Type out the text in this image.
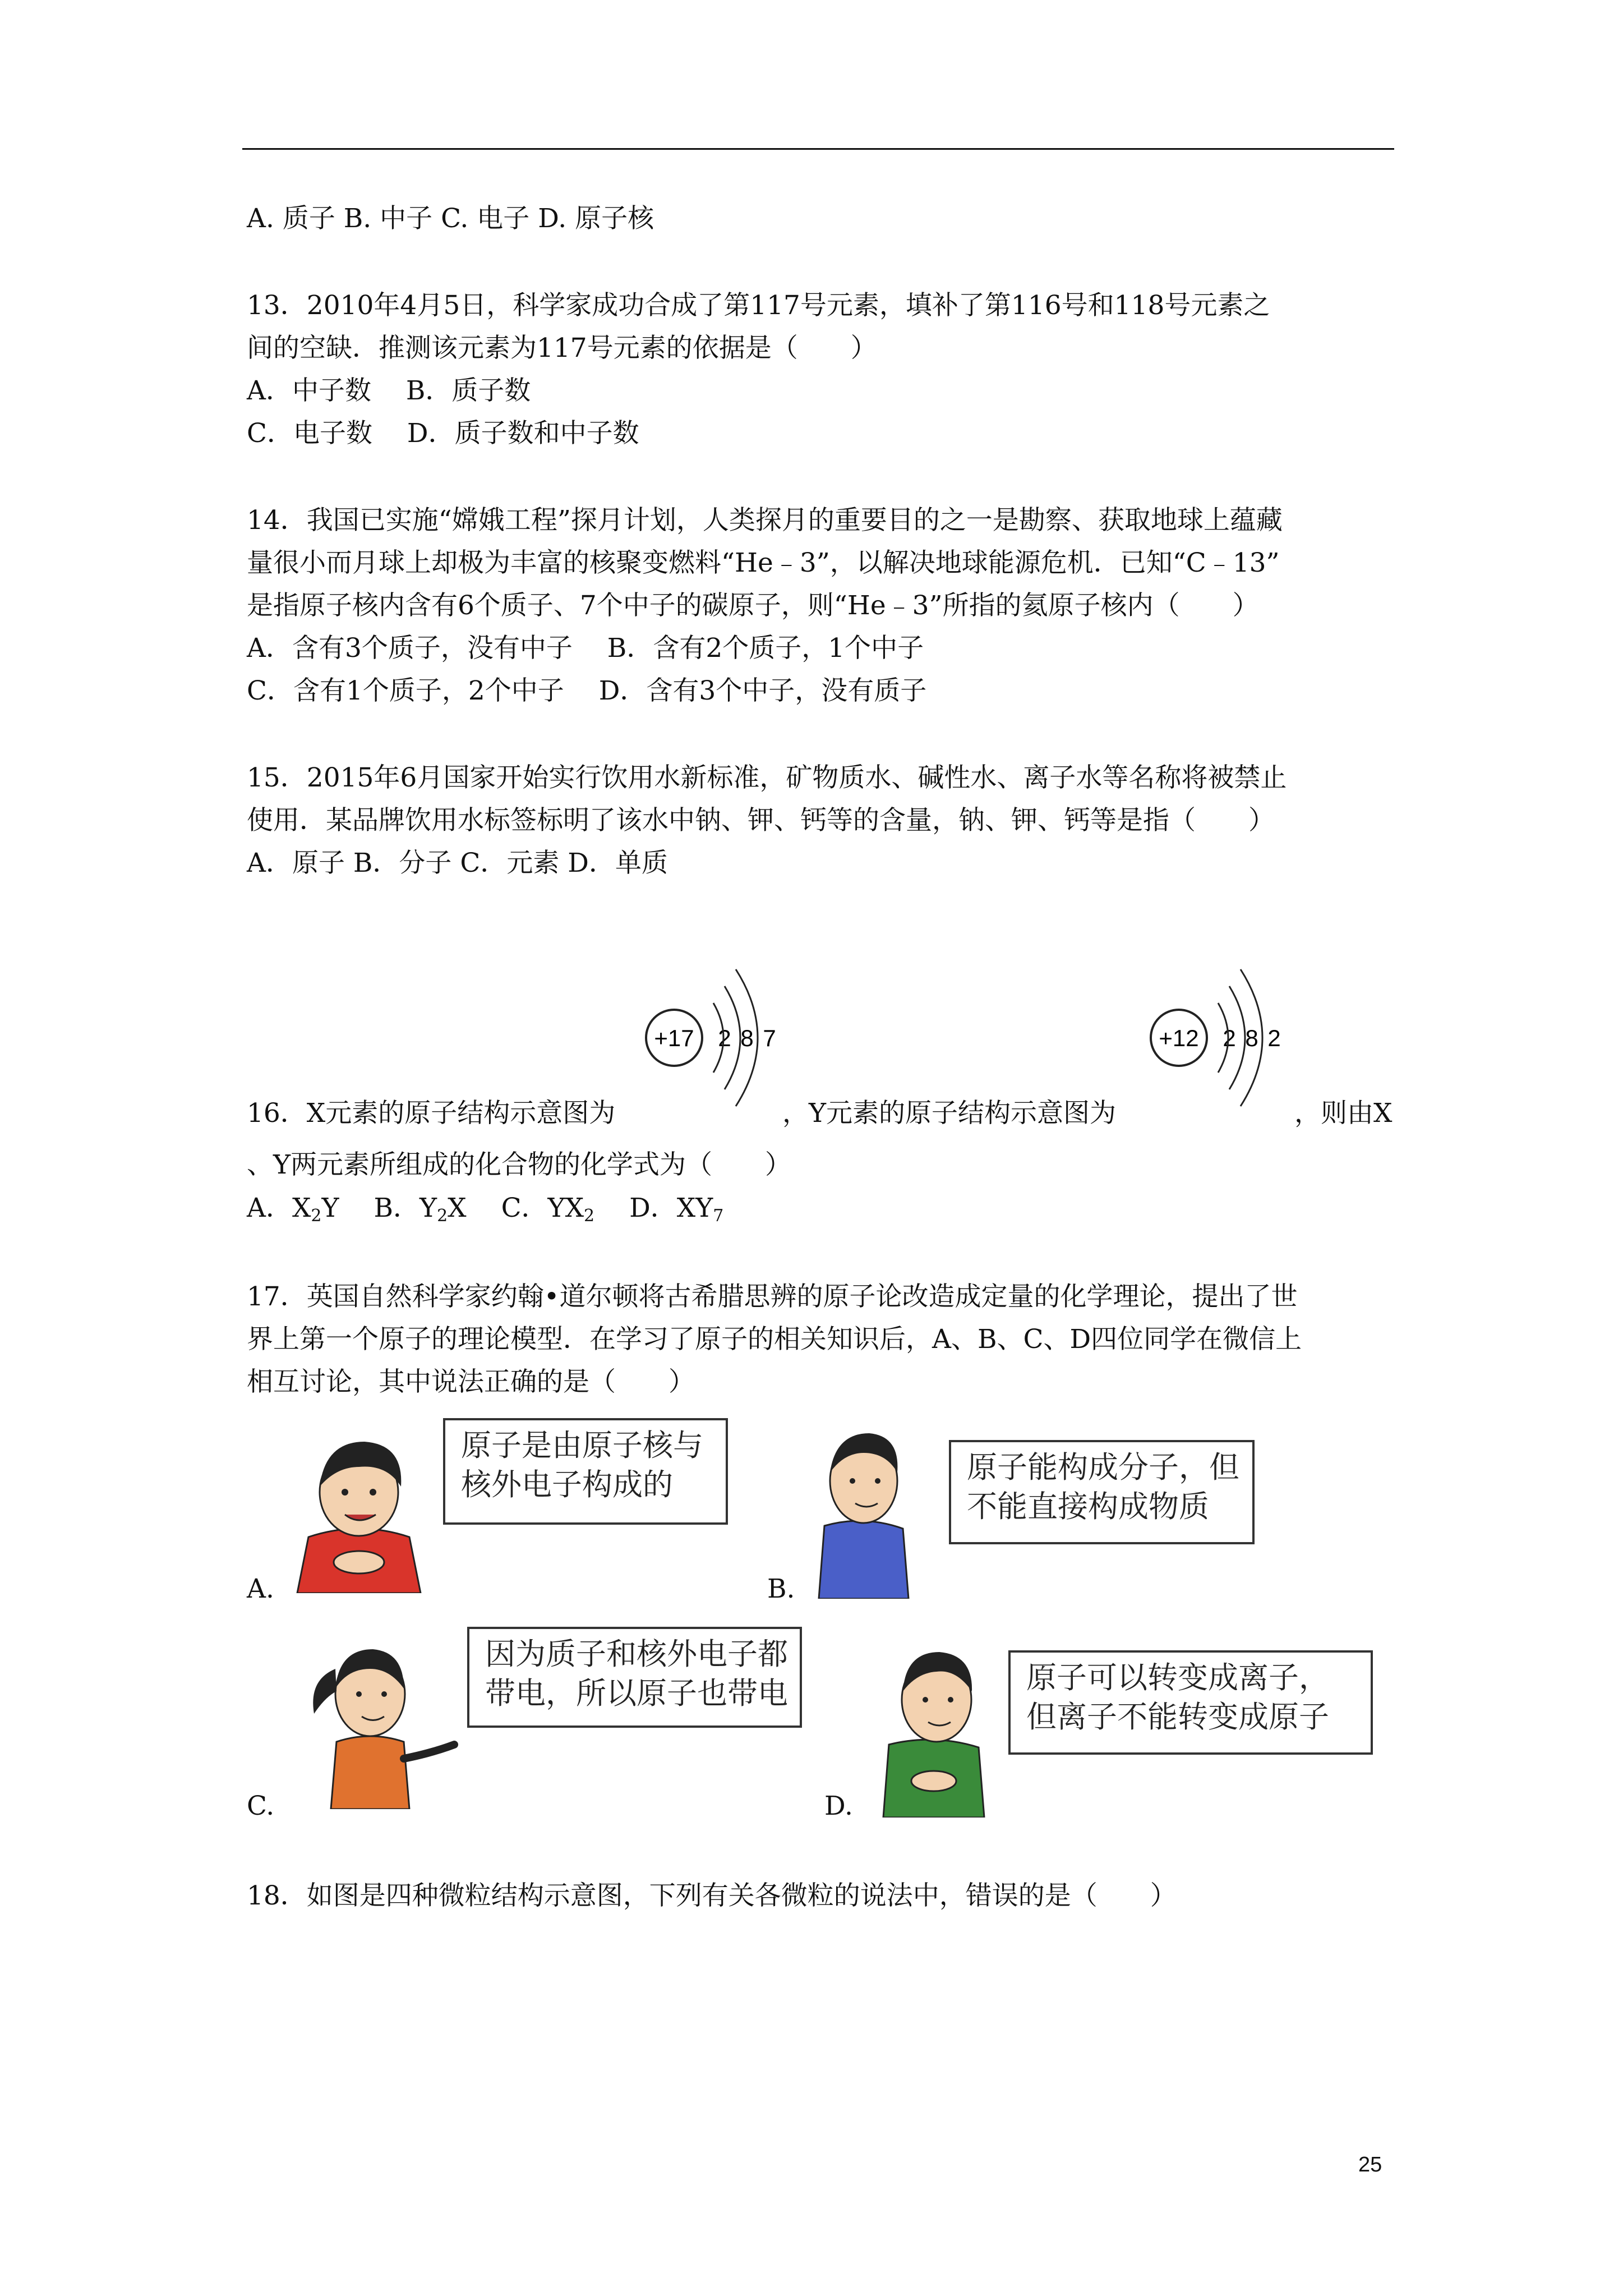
A. 质子 B. 中子 C. 电子 D. 原子核
13．2010年4月5日，科学家成功合成了第117号元素，填补了第116号和118号元素之
间的空缺．推测该元素为117号元素的依据是（　　）
A．中子数　 B．质子数
C．电子数　 D．质子数和中子数
14．我国已实施“嫦娥工程”探月计划，人类探月的重要目的之一是勘察、获取地球上蕴藏
量很小而月球上却极为丰富的核聚变燃料“He﹣3”，以解决地球能源危机．已知“C﹣13”
是指原子核内含有6个质子、7个中子的碳原子，则“He﹣3”所指的氦原子核内（　　）
A．含有3个质子，没有中子　 B．含有2个质子，1个中子
C．含有1个质子，2个中子　 D．含有3个中子，没有质子
15．2015年6月国家开始实行饮用水新标准，矿物质水、碱性水、离子水等名称将被禁止
使用．某品牌饮用水标签标明了该水中钠、钾、钙等的含量，钠、钾、钙等是指（　　）
A．原子 B．分子 C．元素 D．单质
16．X元素的原子结构示意图为	，Y元素的原子结构示意图为	，则由X
+17 2 8 7	+12 2 8 2
、Y两元素所组成的化合物的化学式为（　　）
A．$X_2Y$　 B．$Y_2X$　 C．$YX_2$　 D．$XY_7$
17．英国自然科学家约翰•道尔顿将古希腊思辨的原子论改造成定量的化学理论，提出了世
界上第一个原子的理论模型．在学习了原子的相关知识后，A、B、C、D四位同学在微信上
相互讨论，其中说法正确的是（　　）
原子是由原子核与
核外电子构成的
A.
原子能构成分子，但
不能直接构成物质
B.
因为质子和核外电子都
带电，所以原子也带电
C.
原子可以转变成离子，
但离子不能转变成原子
D.
18．如图是四种微粒结构示意图，下列有关各微粒的说法中，错误的是（　　）
25
